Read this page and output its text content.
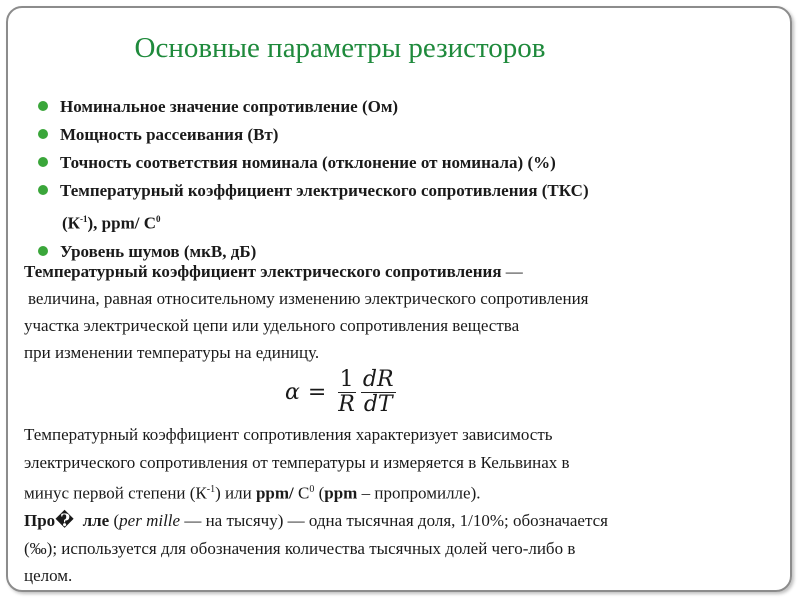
Основные параметры резисторов
Номинальное значение сопротивление (Ом)
Мощность рассеивания (Вт)
Точность соответствия номинала (отклонение от номинала) (%)
Температурный коэффициент электрического сопротивления (ТКС)
$(К^{-1})$, ppm/ $С^0$
Уровень шумов (мкВ, дБ)
Температурный коэффициент электрического сопротивления —
величина, равная относительному изменению электрического сопротивления
участка электрической цепи или удельного сопротивления вещества
при изменении температуры на единицу.
$\alpha = \frac{1}{R} \frac{dR}{dT}$
Температурный коэффициент сопротивления характеризует зависимость
электрического сопротивления от температуры и измеряется в Кельвинах в
минус первой степени $(К^{-1})$ или ppm/ $С^0$ (ppm – пропромилле).
Про�  лле (per mille — на тысячу) — одна тысячная доля, 1/10%; обозначается
(‰); используется для обозначения количества тысячных долей чего-либо в
целом.
